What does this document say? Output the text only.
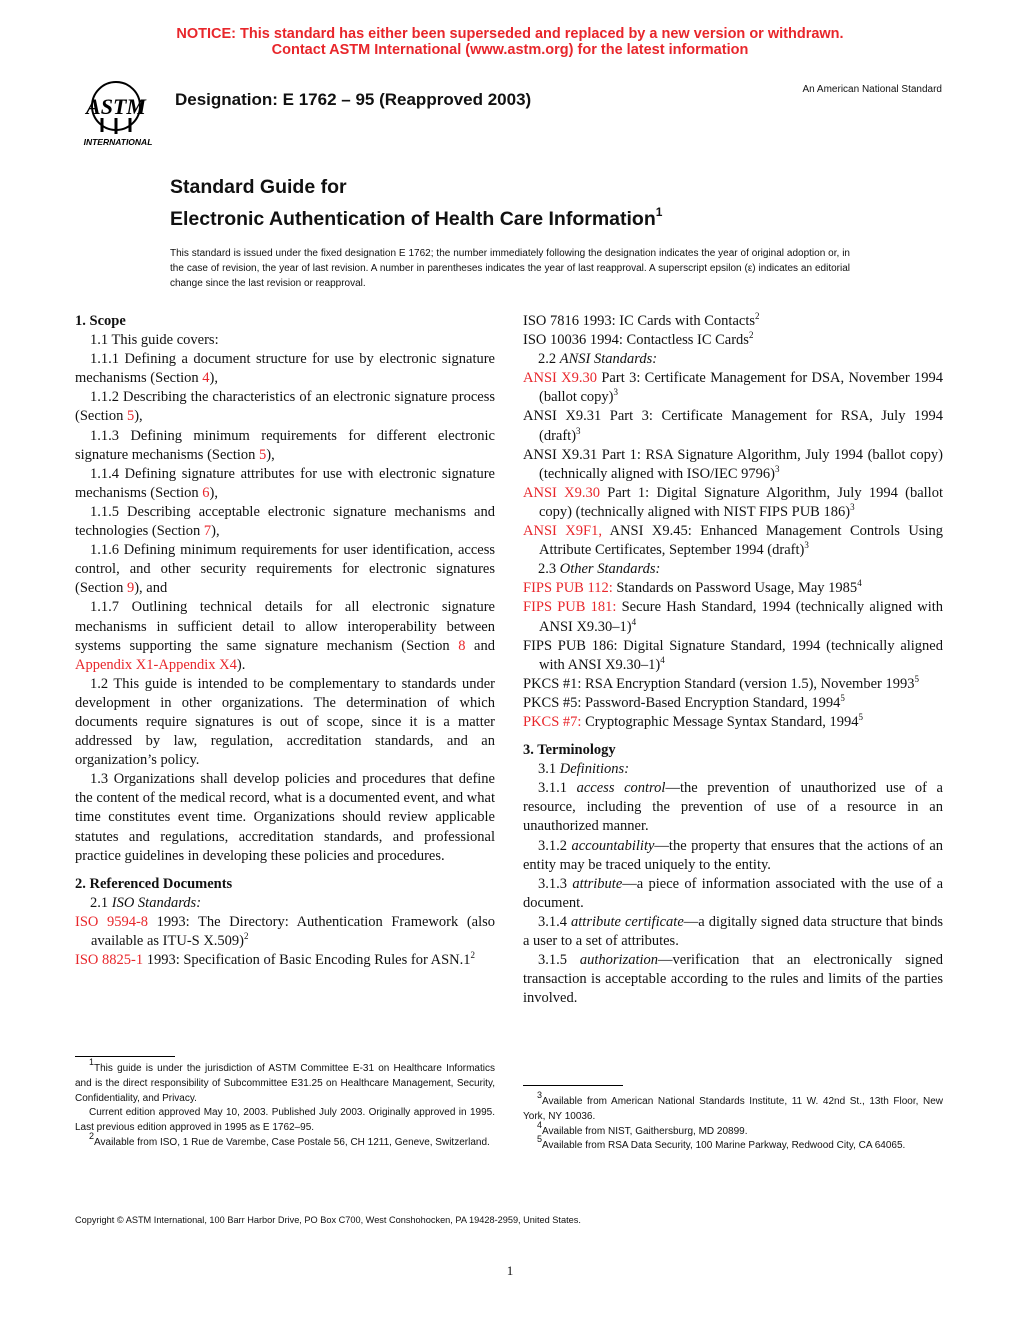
NOTICE: This standard has either been superseded and replaced by a new version or withdrawn.
Contact ASTM International (www.astm.org) for the latest information
ASTM
INTERNATIONAL
Designation: E 1762 – 95 (Reapproved 2003)
An American National Standard
Standard Guide for
Electronic Authentication of Health Care Information$^1$
This standard is issued under the fixed designation E 1762; the number immediately following the designation indicates the year of original adoption or, in the case of revision, the year of last revision. A number in parentheses indicates the year of last reapproval. A superscript epsilon (ε) indicates an editorial change since the last revision or reapproval.

1. Scope

1.1 This guide covers:

1.1.1 Defining a document structure for use by electronic signature mechanisms (Section 4),

1.1.2 Describing the characteristics of an electronic signature process (Section 5),

1.1.3 Defining minimum requirements for different electronic signature mechanisms (Section 5),

1.1.4 Defining signature attributes for use with electronic signature mechanisms (Section 6),

1.1.5 Describing acceptable electronic signature mechanisms and technologies (Section 7),

1.1.6 Defining minimum requirements for user identification, access control, and other security requirements for electronic signatures (Section 9), and

1.1.7 Outlining technical details for all electronic signature mechanisms in sufficient detail to allow interoperability between systems supporting the same signature mechanism (Section 8 and Appendix X1-Appendix X4).

1.2 This guide is intended to be complementary to standards under development in other organizations. The determination of which documents require signatures is out of scope, since it is a matter addressed by law, regulation, accreditation standards, and an organization’s policy.

1.3 Organizations shall develop policies and procedures that define the content of the medical record, what is a documented event, and what time constitutes event time. Organizations should review applicable statutes and regulations, accreditation standards, and professional practice guidelines in developing these policies and procedures.

2. Referenced Documents

2.1 ISO Standards:

ISO 9594-8 1993: The Directory: Authentication Framework (also available as ITU-S X.509)$^2$

ISO 8825-1 1993: Specification of Basic Encoding Rules for $ASN.1^2$

ISO 7816 1993: IC Cards with Contacts$^2$

ISO 10036 1994: Contactless IC Cards$^2$

2.2 ANSI Standards:

ANSI X9.30 Part 3: Certificate Management for DSA, November 1994 (ballot copy)$^3$

ANSI X9.31 Part 3: Certificate Management for RSA, July 1994 (draft)$^3$

ANSI X9.31 Part 1: RSA Signature Algorithm, July 1994 (ballot copy) (technically aligned with ISO/IEC 9796)$^3$

ANSI X9.30 Part 1: Digital Signature Algorithm, July 1994 (ballot copy) (technically aligned with NIST FIPS PUB 186)$^3$

ANSI X9F1, ANSI X9.45: Enhanced Management Controls Using Attribute Certificates, September 1994 (draft)$^3$

2.3 Other Standards:

FIPS PUB 112: Standards on Password Usage, May 1985$^4$

FIPS PUB 181: Secure Hash Standard, 1994 (technically aligned with ANSI X9.30–1)$^4$

FIPS PUB 186: Digital Signature Standard, 1994 (technically aligned with ANSI X9.30–1)$^4$

PKCS #1: RSA Encryption Standard (version 1.5), November 1993$^5$

PKCS #5: Password-Based Encryption Standard, 1994$^5$

PKCS #7: Cryptographic Message Syntax Standard, 1994$^5$

3. Terminology

3.1 Definitions:

3.1.1 access control—the prevention of unauthorized use of a resource, including the prevention of use of a resource in an unauthorized manner.

3.1.2 accountability—the property that ensures that the actions of an entity may be traced uniquely to the entity.

3.1.3 attribute—a piece of information associated with the use of a document.

3.1.4 attribute certificate—a digitally signed data structure that binds a user to a set of attributes.

3.1.5 authorization—verification that an electronically signed transaction is acceptable according to the rules and limits of the parties involved.

$^1$This guide is under the jurisdiction of ASTM Committee E-31 on Healthcare Informatics and is the direct responsibility of Subcommittee E31.25 on Healthcare Management, Security, Confidentiality, and Privacy.

Current edition approved May 10, 2003. Published July 2003. Originally approved in 1995. Last previous edition approved in 1995 as E 1762–95.

$^2$Available from ISO, 1 Rue de Varembe, Case Postale 56, CH 1211, Geneve, Switzerland.

$^3$Available from American National Standards Institute, 11 W. 42nd St., 13th Floor, New York, NY 10036.

$^4$Available from NIST, Gaithersburg, MD 20899.

$^5$Available from RSA Data Security, 100 Marine Parkway, Redwood City, CA 64065.

Copyright © ASTM International, 100 Barr Harbor Drive, PO Box C700, West Conshohocken, PA 19428-2959, United States.
1
